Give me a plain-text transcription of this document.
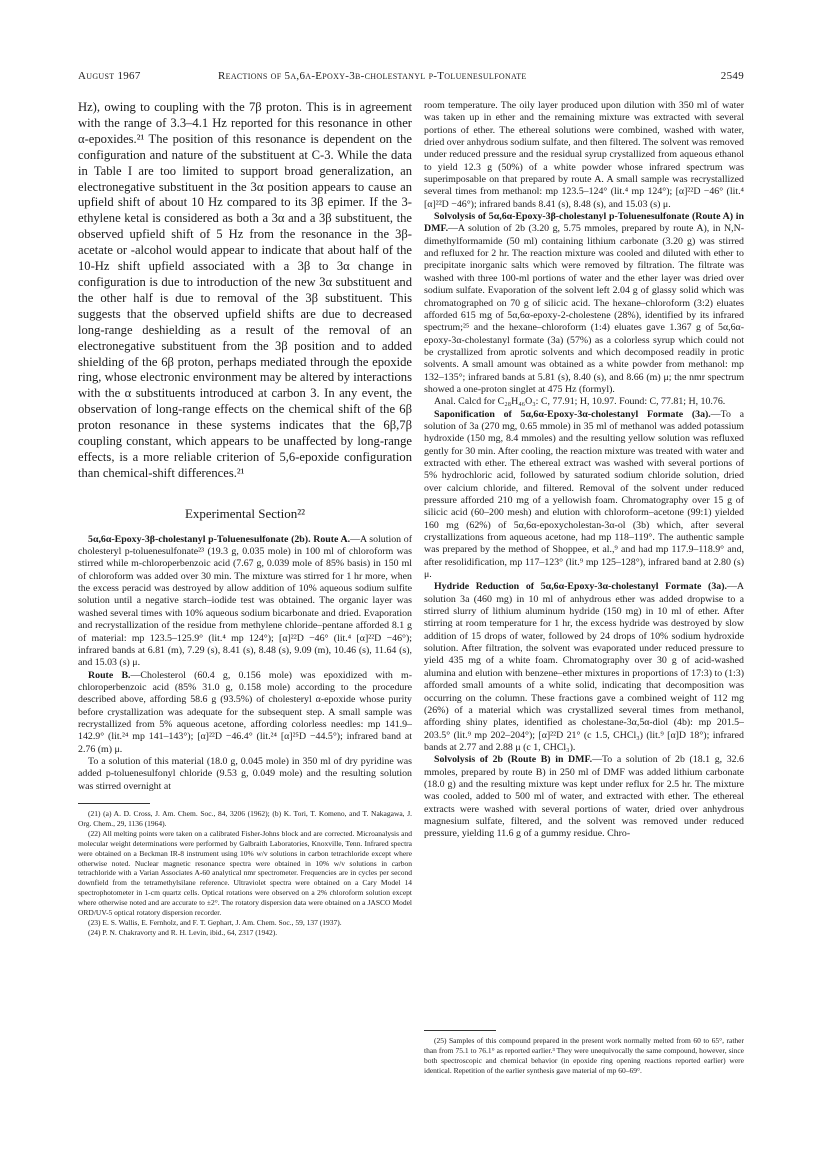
August 1967	Reactions of 5α,6α-Epoxy-3β-cholestanyl p-Toluenesulfonate	2549

Hz), owing to coupling with the 7β proton. This is in agreement with the range of 3.3–4.1 Hz reported for this resonance in other α-epoxides.²¹ The position of this resonance is dependent on the configuration and nature of the substituent at C-3. While the data in Table I are too limited to support broad generalization, an electronegative substituent in the 3α position appears to cause an upfield shift of about 10 Hz compared to its 3β epimer. If the 3-ethylene ketal is considered as both a 3α and a 3β substituent, the observed upfield shift of 5 Hz from the resonance in the 3β-acetate or -alcohol would appear to indicate that about half of the 10-Hz shift upfield associated with a 3β to 3α change in configuration is due to introduction of the new 3α substituent and the other half is due to removal of the 3β substituent. This suggests that the observed upfield shifts are due to decreased long-range deshielding as a result of the removal of an electronegative substituent from the 3β position and to added shielding of the 6β proton, perhaps mediated through the epoxide ring, whose electronic environment may be altered by interactions with the α substituents introduced at carbon 3. In any event, the observation of long-range effects on the chemical shift of the 6β proton resonance in these systems indicates that the 6β,7β coupling constant, which appears to be unaffected by long-range effects, is a more reliable criterion of 5,6-epoxide configuration than chemical-shift differences.²¹

Experimental Section²²

5α,6α-Epoxy-3β-cholestanyl p-Toluenesulfonate (2b). Route A.—A solution of cholesteryl p-toluenesulfonate²³ (19.3 g, 0.035 mole) in 100 ml of chloroform was stirred while m-chloroperbenzoic acid (7.67 g, 0.039 mole of 85% basis) in 150 ml of chloroform was added over 30 min. The mixture was stirred for 1 hr more, when the excess peracid was destroyed by allow addition of 10% aqueous sodium sulfite solution until a negative starch–iodide test was obtained. The organic layer was washed several times with 10% aqueous sodium bicarbonate and dried. Evaporation and recrystallization of the residue from methylene chloride–pentane afforded 8.1 g of material: mp 123.5–125.9° (lit.⁴ mp 124°); [α]²²D −46° (lit.⁴ [α]²²D −46°); infrared bands at 6.81 (m), 7.29 (s), 8.41 (s), 8.48 (s), 9.09 (m), 10.46 (s), 11.64 (s), and 15.03 (s) μ.

Route B.—Cholesterol (60.4 g, 0.156 mole) was epoxidized with m-chloroperbenzoic acid (85% 31.0 g, 0.158 mole) according to the procedure described above, affording 58.6 g (93.5%) of cholesteryl α-epoxide whose purity before crystallization was adequate for the subsequent step. A small sample was recrystallized from 5% aqueous acetone, affording colorless needles: mp 141.9–142.9° (lit.²⁴ mp 141–143°); [α]²²D −46.4° (lit.²⁴ [α]²⁵D −44.5°); infrared band at 2.76 (m) μ.

To a solution of this material (18.0 g, 0.045 mole) in 350 ml of dry pyridine was added p-toluenesulfonyl chloride (9.53 g, 0.049 mole) and the resulting solution was stirred overnight at

(21) (a) A. D. Cross, J. Am. Chem. Soc., 84, 3206 (1962); (b) K. Tori, T. Komeno, and T. Nakagawa, J. Org. Chem., 29, 1136 (1964).

(22) All melting points were taken on a calibrated Fisher-Johns block and are corrected. Microanalysis and molecular weight determinations were performed by Galbraith Laboratories, Knoxville, Tenn. Infrared spectra were obtained on a Beckman IR-8 instrument using 10% w/v solutions in carbon tetrachloride except where otherwise noted. Nuclear magnetic resonance spectra were obtained in 10% w/v solutions in carbon tetrachloride with a Varian Associates A-60 analytical nmr spectrometer. Frequencies are in cycles per second downfield from the tetramethylsilane reference. Ultraviolet spectra were obtained on a Cary Model 14 spectrophotometer in 1-cm quartz cells. Optical rotations were observed on a 2% chloroform solution except where otherwise noted and are accurate to ±2°. The rotatory dispersion data were obtained on a JASCO Model ORD/UV-5 optical rotatory dispersion recorder.

(23) E. S. Wallis, E. Fernholz, and F. T. Gephart, J. Am. Chem. Soc., 59, 137 (1937).

(24) P. N. Chakravorty and R. H. Levin, ibid., 64, 2317 (1942).

room temperature. The oily layer produced upon dilution with 350 ml of water was taken up in ether and the remaining mixture was extracted with several portions of ether. The ethereal solutions were combined, washed with water, dried over anhydrous sodium sulfate, and then filtered. The solvent was removed under reduced pressure and the residual syrup crystallized from aqueous ethanol to yield 12.3 g (50%) of a white powder whose infrared spectrum was superimposable on that prepared by route A. A small sample was recrystallized several times from methanol: mp 123.5–124° (lit.⁴ mp 124°); [α]²²D −46° (lit.⁴ [α]²²D −46°); infrared bands 8.41 (s), 8.48 (s), and 15.03 (s) μ.

Solvolysis of 5α,6α-Epoxy-3β-cholestanyl p-Toluenesulfonate (Route A) in DMF.—A solution of 2b (3.20 g, 5.75 mmoles, prepared by route A), in N,N-dimethylformamide (50 ml) containing lithium carbonate (3.20 g) was stirred and refluxed for 2 hr. The reaction mixture was cooled and diluted with ether to precipitate inorganic salts which were removed by filtration. The filtrate was washed with three 100-ml portions of water and the ether layer was dried over sodium sulfate. Evaporation of the solvent left 2.04 g of glassy solid which was chromatographed on 70 g of silicic acid. The hexane–chloroform (3:2) eluates afforded 615 mg of 5α,6α-epoxy-2-cholestene (28%), identified by its infrared spectrum;²⁵ and the hexane–chloroform (1:4) eluates gave 1.367 g of 5α,6α-epoxy-3α-cholestanyl formate (3a) (57%) as a colorless syrup which could not be crystallized from aprotic solvents and which decomposed readily in protic solvents. A small amount was obtained as a white powder from methanol: mp 132–135°; infrared bands at 5.81 (s), 8.40 (s), and 8.66 (m) μ; the nmr spectrum showed a one-proton singlet at 475 Hz (formyl).

Anal. Calcd for C₂₈H₄₆O₃: C, 77.91; H, 10.97. Found: C, 77.81; H, 10.76.

Saponification of 5α,6α-Epoxy-3α-cholestanyl Formate (3a).—To a solution of 3a (270 mg, 0.65 mmole) in 35 ml of methanol was added potassium hydroxide (150 mg, 8.4 mmoles) and the resulting yellow solution was refluxed gently for 30 min. After cooling, the reaction mixture was treated with water and extracted with ether. The ethereal extract was washed with several portions of 5% hydrochloric acid, followed by saturated sodium chloride solution, dried over calcium chloride, and filtered. Removal of the solvent under reduced pressure afforded 210 mg of a yellowish foam. Chromatography over 15 g of silicic acid (60–200 mesh) and elution with chloroform–acetone (99:1) yielded 160 mg (62%) of 5α,6α-epoxycholestan-3α-ol (3b) which, after several crystallizations from aqueous acetone, had mp 118–119°. The authentic sample was prepared by the method of Shoppee, et al.,⁹ and had mp 117.9–118.9° and, after resolidification, mp 117–123° (lit.⁹ mp 125–128°), infrared band at 2.80 (s) μ.

Hydride Reduction of 5α,6α-Epoxy-3α-cholestanyl Formate (3a).—A solution 3a (460 mg) in 10 ml of anhydrous ether was added dropwise to a stirred slurry of lithium aluminum hydride (150 mg) in 10 ml of ether. After stirring at room temperature for 1 hr, the excess hydride was destroyed by slow addition of 15 drops of water, followed by 24 drops of 10% sodium hydroxide solution. After filtration, the solvent was evaporated under reduced pressure to yield 435 mg of a white foam. Chromatography over 30 g of acid-washed alumina and elution with benzene–ether mixtures in proportions of 17:3) to (1:3) afforded small amounts of a white solid, indicating that decomposition was occurring on the column. These fractions gave a combined weight of 112 mg (26%) of a material which was crystallized several times from methanol, affording shiny plates, identified as cholestane-3α,5α-diol (4b): mp 201.5–203.5° (lit.⁹ mp 202–204°); [α]²²D 21° (c 1.5, CHCl₃) (lit.⁹ [α]D 18°); infrared bands at 2.77 and 2.88 μ (c 1, CHCl₃).

Solvolysis of 2b (Route B) in DMF.—To a solution of 2b (18.1 g, 32.6 mmoles, prepared by route B) in 250 ml of DMF was added lithium carbonate (18.0 g) and the resulting mixture was kept under reflux for 2.5 hr. The mixture was cooled, added to 500 ml of water, and extracted with ether. The ethereal extracts were washed with several portions of water, dried over anhydrous magnesium sulfate, filtered, and the solvent was removed under reduced pressure, yielding 11.6 g of a gummy residue. Chro-

(25) Samples of this compound prepared in the present work normally melted from 60 to 65°, rather than from 75.1 to 76.1° as reported earlier.³ They were unequivocally the same compound, however, since both spectroscopic and chemical behavior (in epoxide ring opening reactions reported earlier) were identical. Repetition of the earlier synthesis gave material of mp 60–69°.
